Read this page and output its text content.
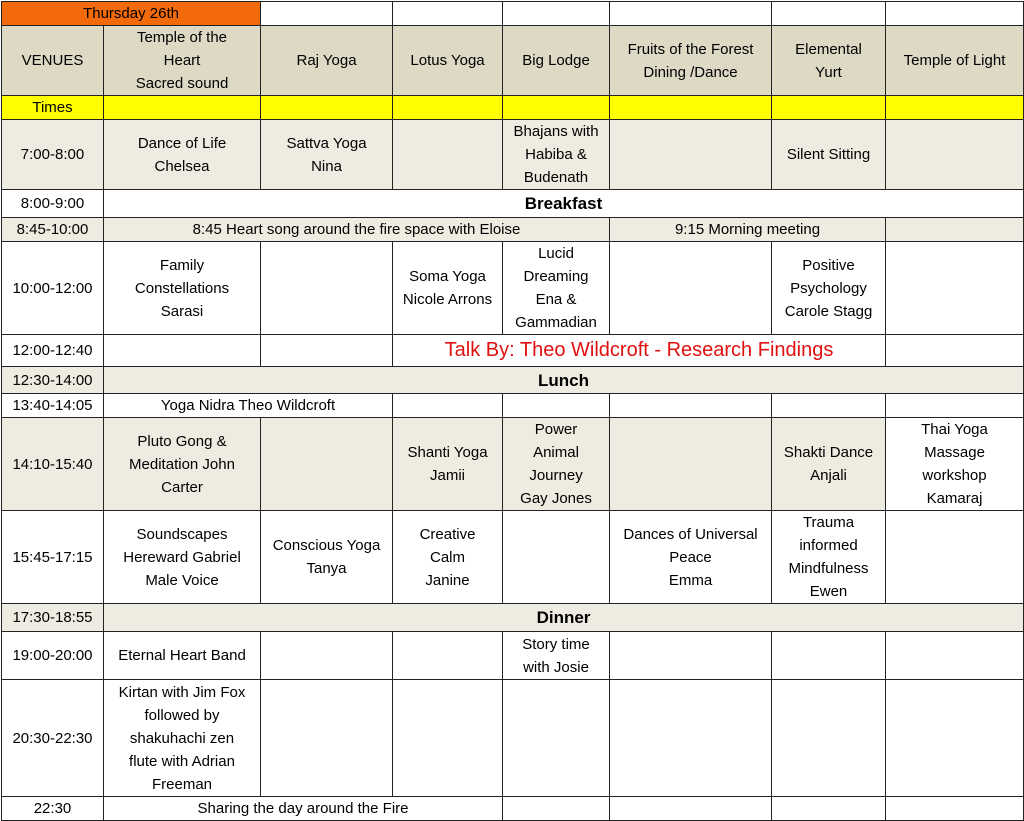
Thursday 26th							
VENUES	Temple of the
Heart
Sacred sound	Raj Yoga	Lotus Yoga	Big Lodge	Fruits of the Forest
Dining /Dance	Elemental
Yurt	Temple of Light
Times							
7:00-8:00	Dance of Life
Chelsea	Sattva Yoga
Nina		Bhajans with
Habiba &
Budenath		Silent Sitting	
8:00-9:00	Breakfast						
8:45-10:00	8:45 Heart song around the fire space with Eloise				9:15 Morning meeting		
10:00-12:00	Family
Constellations
Sarasi		Soma Yoga
Nicole Arrons	Lucid
Dreaming
Ena &
Gammadian		Positive
Psychology
Carole Stagg	
12:00-12:40			Talk By: Theo Wildcroft - Research Findings				
12:30-14:00	Lunch						
13:40-14:05	Yoga Nidra Theo Wildcroft						
14:10-15:40	Pluto Gong &
Meditation John
Carter		Shanti Yoga
Jamii	Power
Animal
Journey
Gay Jones		Shakti Dance
Anjali	Thai Yoga
Massage
workshop
Kamaraj
15:45-17:15	Soundscapes
Hereward Gabriel
Male Voice	Conscious Yoga
Tanya	Creative
Calm
Janine		Dances of Universal
Peace
Emma	Trauma
informed
Mindfulness
Ewen	
17:30-18:55	Dinner						
19:00-20:00	Eternal Heart Band			Story time
with Josie			
20:30-22:30	Kirtan with Jim Fox
followed by
shakuhachi zen
flute with Adrian
Freeman						
22:30	Sharing the day around the Fire						
